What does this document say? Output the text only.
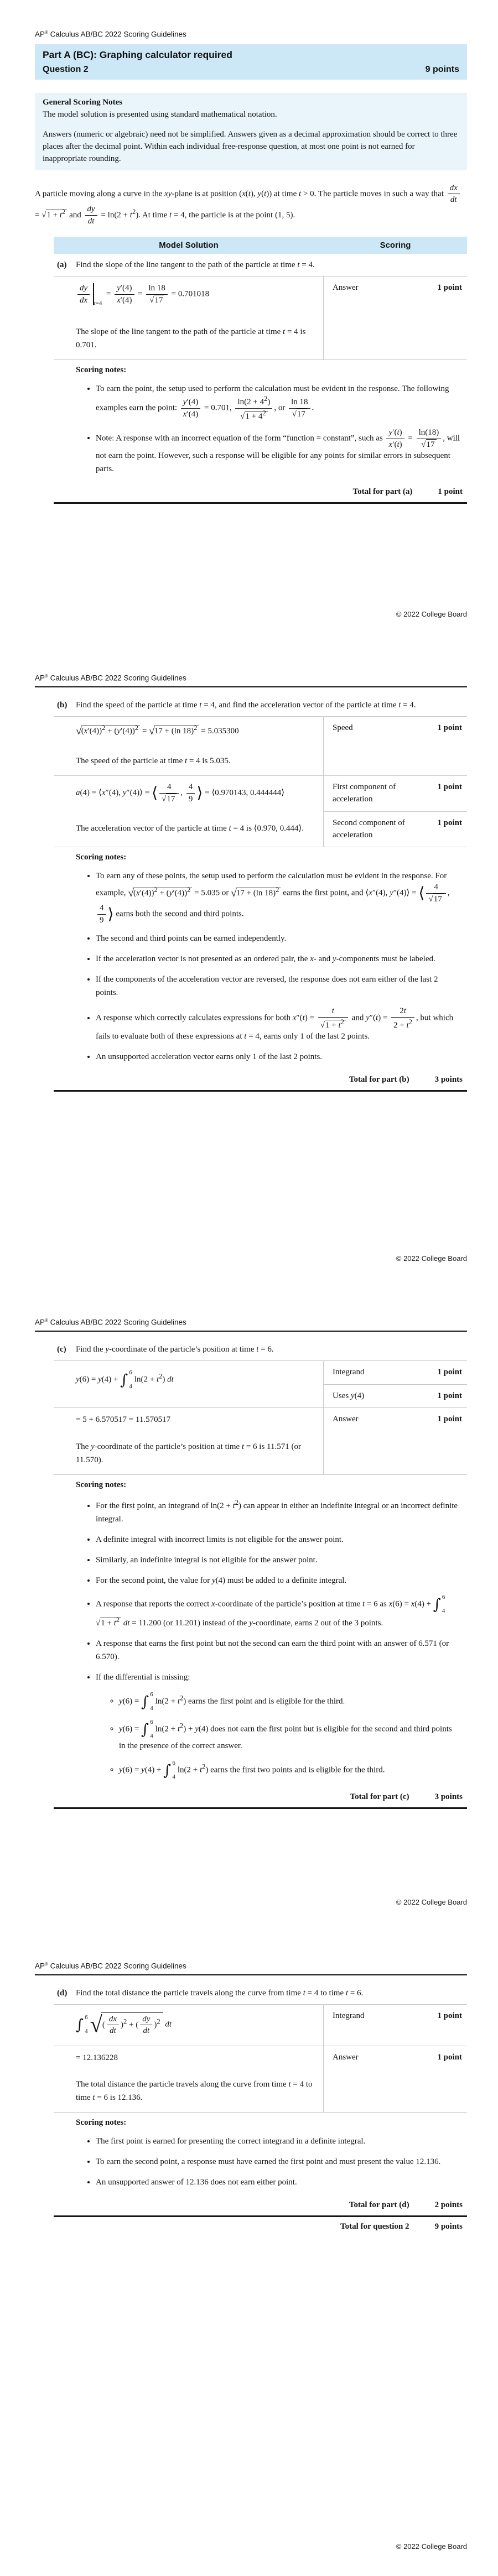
AP® Calculus AB/BC 2022 Scoring Guidelines
Part A (BC): Graphing calculator required
Question 2	9 points
General Scoring Notes

The model solution is presented using standard mathematical notation.

Answers (numeric or algebraic) need not be simplified. Answers given as a decimal approximation should be correct to three places after the decimal point. Within each individual free-response question, at most one point is not earned for inappropriate rounding.

A particle moving along a curve in the xy-plane is at position (x(t), y(t)) at time t > 0. The particle moves in such a way that $\frac{dx}{dt}$
= $√1 + t^2$ and $\frac{dy}{dt} = \ln(2 + t^2)$. At time t = 4, the particle is at the point (1, 5).

Model Solution	Scoring
(a)	Find the slope of the line tangent to the path of the particle at time t = 4.
$\frac{dy}{dx} _{t=4} = \frac{y'(4)}{x'(4)} = \frac{\ln 18}{√17} = 0.701018$
The slope of the line tangent to the path of the particle at time t = 4 is 0.701.
Answer	1 point
Scoring notes:
• To earn the point, the setup used to perform the calculation must be evident in the response. The following examples earn the point: $\frac{y'(4)}{x'(4)} = 0.701$, $\frac{\ln(2 + 4^2)}{√1 + 4^2}$ , or $\frac{\ln 18}{√17}$ .
• Note: A response with an incorrect equation of the form “function = constant”, such as $\frac{y'(t)}{x'(t)} = \frac{\ln(18)}{√17}$ , will not earn the point. However, such a response will be eligible for any points for similar errors in subsequent parts.
Total for part (a)	1 point
© 2022 College Board
AP® Calculus AB/BC 2022 Scoring Guidelines
(b)	Find the speed of the particle at time t = 4, and find the acceleration vector of the particle at time t = 4.
$√(x'(4))^2 + (y'(4))^2 = √17 + (\ln$ 18)$^2$ = 5.035300
The speed of the particle at time t = 4 is 5.035.
Speed	1 point
a(4) = ⟨x″(4), y″(4)⟩ = ⟨ $\frac{4}{√17}$ , $\frac{4}{9}$ ⟩ = ⟨0.970143, 0.444444⟩
The acceleration vector of the particle at time t = 4 is ⟨0.970, 0.444⟩.
First component of acceleration
1 point
Second component of acceleration
1 point
Scoring notes:
• To earn any of these points, the setup used to perform the calculation must be evident in the response. For example, $√(x'(4))^2 + (y'(4))^2 = 5.035$ or √17 + (ln 18)$^2$ earns the first point, and ⟨x″(4), y″(4)⟩ = ⟨ $\frac{4}{√17}$ ,
$\frac{4}{9}$ ⟩ earns both the second and third points.
• The second and third points can be earned independently.
• If the acceleration vector is not presented as an ordered pair, the x- and y-components must be labeled.
• If the components of the acceleration vector are reversed, the response does not earn either of the last 2 points.
• A response which correctly calculates expressions for both $x''(t) = \frac{t}{√1 + t^2}$ and $y''(t) = \frac{2t}{2 + t^2}$ , but which fails to evaluate both of these expressions at t = 4, earns only 1 of the last 2 points.
• An unsupported acceleration vector earns only 1 of the last 2 points.
Total for part (b)	3 points
© 2022 College Board
AP® Calculus AB/BC 2022 Scoring Guidelines
(c)	Find the y-coordinate of the particle’s position at time t = 6.
y(6) = y(4) + ∫ 6
4
$\ln(2 + t^2)$ dt
Integrand	1 point
Uses y(4)	1 point
= 5 + 6.570517 = 11.570517
The y-coordinate of the particle’s position at time t = 6 is 11.571 (or 11.570).
Answer	1 point
Scoring notes:
• For the first point, an integrand of $\ln(2 + t^2)$ can appear in either an indefinite integral or an incorrect definite integral.
• A definite integral with incorrect limits is not eligible for the answer point.
• Similarly, an indefinite integral is not eligible for the answer point.
• For the second point, the value for y(4) must be added to a definite integral.
• A response that reports the correct x-coordinate of the particle’s position at time t = 6 as x(6) = x(4) + ∫ 6
4
$√1 + t^2$ dt = 11.200 (or 11.201) instead of the y-coordinate, earns 2 out of the 3 points.
• A response that earns the first point but not the second can earn the third point with an answer of 6.571 (or 6.570).
• If the differential is missing:
◦ y(6) = ∫ 6
4
$\ln(2 + t^2)$ earns the first point and is eligible for the third.
◦ y(6) = ∫ 6
4
$\ln(2 + t^2) + y(4)$ does not earn the first point but is eligible for the second and third points in the presence of the correct answer.
◦ y(6) = y(4) + ∫ 6
4
$\ln(2 + t^2)$ earns the first two points and is eligible for the third.
Total for part (c)	3 points
© 2022 College Board
AP® Calculus AB/BC 2022 Scoring Guidelines
(d)	Find the total distance the particle travels along the curve from time t = 4 to time t = 6.
∫ 6
4 √( $\frac{dx}{dt} )^2$ + ( $\frac{dy}{dt} )^2$ dt
Integrand	1 point
= 12.136228
The total distance the particle travels along the curve from time t = 4 to time t = 6 is 12.136.
Answer	1 point
Scoring notes:
• The first point is earned for presenting the correct integrand in a definite integral.
• To earn the second point, a response must have earned the first point and must present the value 12.136.
• An unsupported answer of 12.136 does not earn either point.
Total for part (d)	2 points
Total for question 2	9 points
© 2022 College Board
